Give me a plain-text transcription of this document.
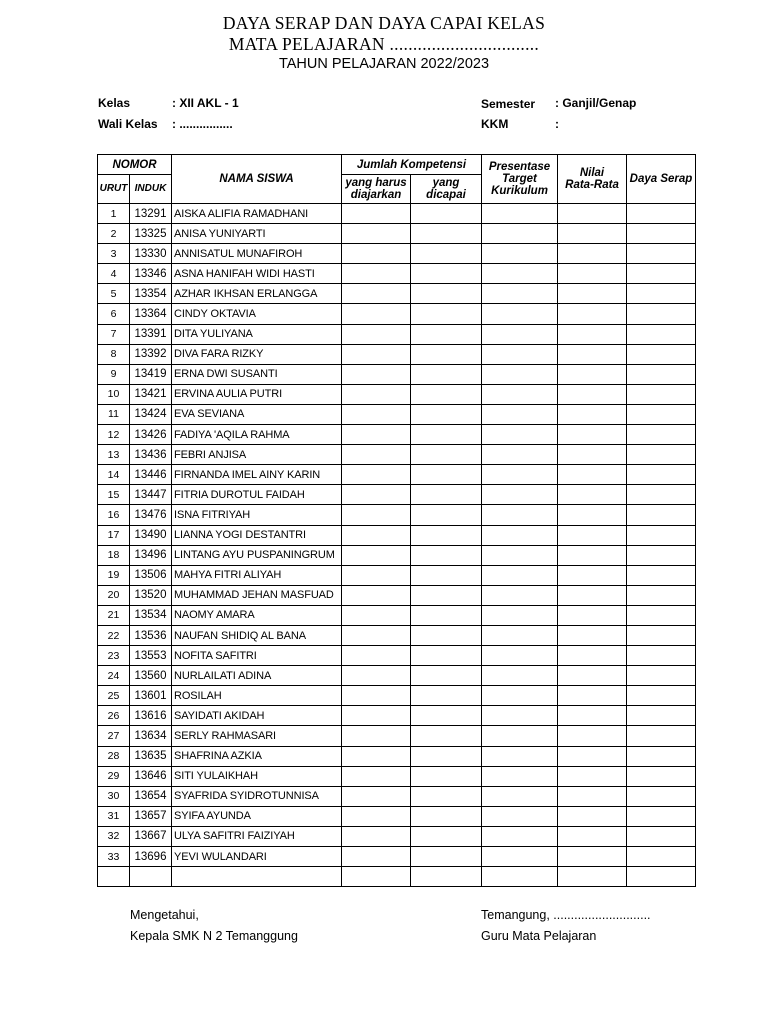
DAYA SERAP DAN DAYA CAPAI KELAS
MATA PELAJARAN ................................
TAHUN PELAJARAN 2022/2023
Kelas	: XII AKL - 1
Wali Kelas : ................
Semester : Ganjil/Genap
KKM	:
NOMOR		NAMA SISWA	Jumlah Kompetensi		Presentase Target Kurikulum	Nilai Rata-Rata	Daya Serap
URUT	INDUK		yang harus diajarkan	yang dicapai			
1	13291	AISKA ALIFIA RAMADHANI					
2	13325	ANISA YUNIYARTI					
3	13330	ANNISATUL MUNAFIROH					
4	13346	ASNA HANIFAH WIDI HASTI					
5	13354	AZHAR IKHSAN ERLANGGA					
6	13364	CINDY OKTAVIA					
7	13391	DITA YULIYANA					
8	13392	DIVA FARA RIZKY					
9	13419	ERNA DWI SUSANTI					
10	13421	ERVINA AULIA PUTRI					
11	13424	EVA SEVIANA					
12	13426	FADIYA 'AQILA RAHMA					
13	13436	FEBRI ANJISA					
14	13446	FIRNANDA IMEL AINY KARIN					
15	13447	FITRIA DUROTUL FAIDAH					
16	13476	ISNA FITRIYAH					
17	13490	LIANNA YOGI DESTANTRI					
18	13496	LINTANG AYU PUSPANINGRUM					
19	13506	MAHYA FITRI ALIYAH					
20	13520	MUHAMMAD JEHAN MASFUAD					
21	13534	NAOMY AMARA					
22	13536	NAUFAN SHIDIQ AL BANA					
23	13553	NOFITA SAFITRI					
24	13560	NURLAILATI ADINA					
25	13601	ROSILAH					
26	13616	SAYIDATI AKIDAH					
27	13634	SERLY RAHMASARI					
28	13635	SHAFRINA AZKIA					
29	13646	SITI YULAIKHAH					
30	13654	SYAFRIDA SYIDROTUNNISA					
31	13657	SYIFA AYUNDA					
32	13667	ULYA SAFITRI FAIZIYAH					
33	13696	YEVI WULANDARI					

Mengetahui,
Kepala SMK N 2 Temanggung
Temangung, ............................
Guru Mata Pelajaran
